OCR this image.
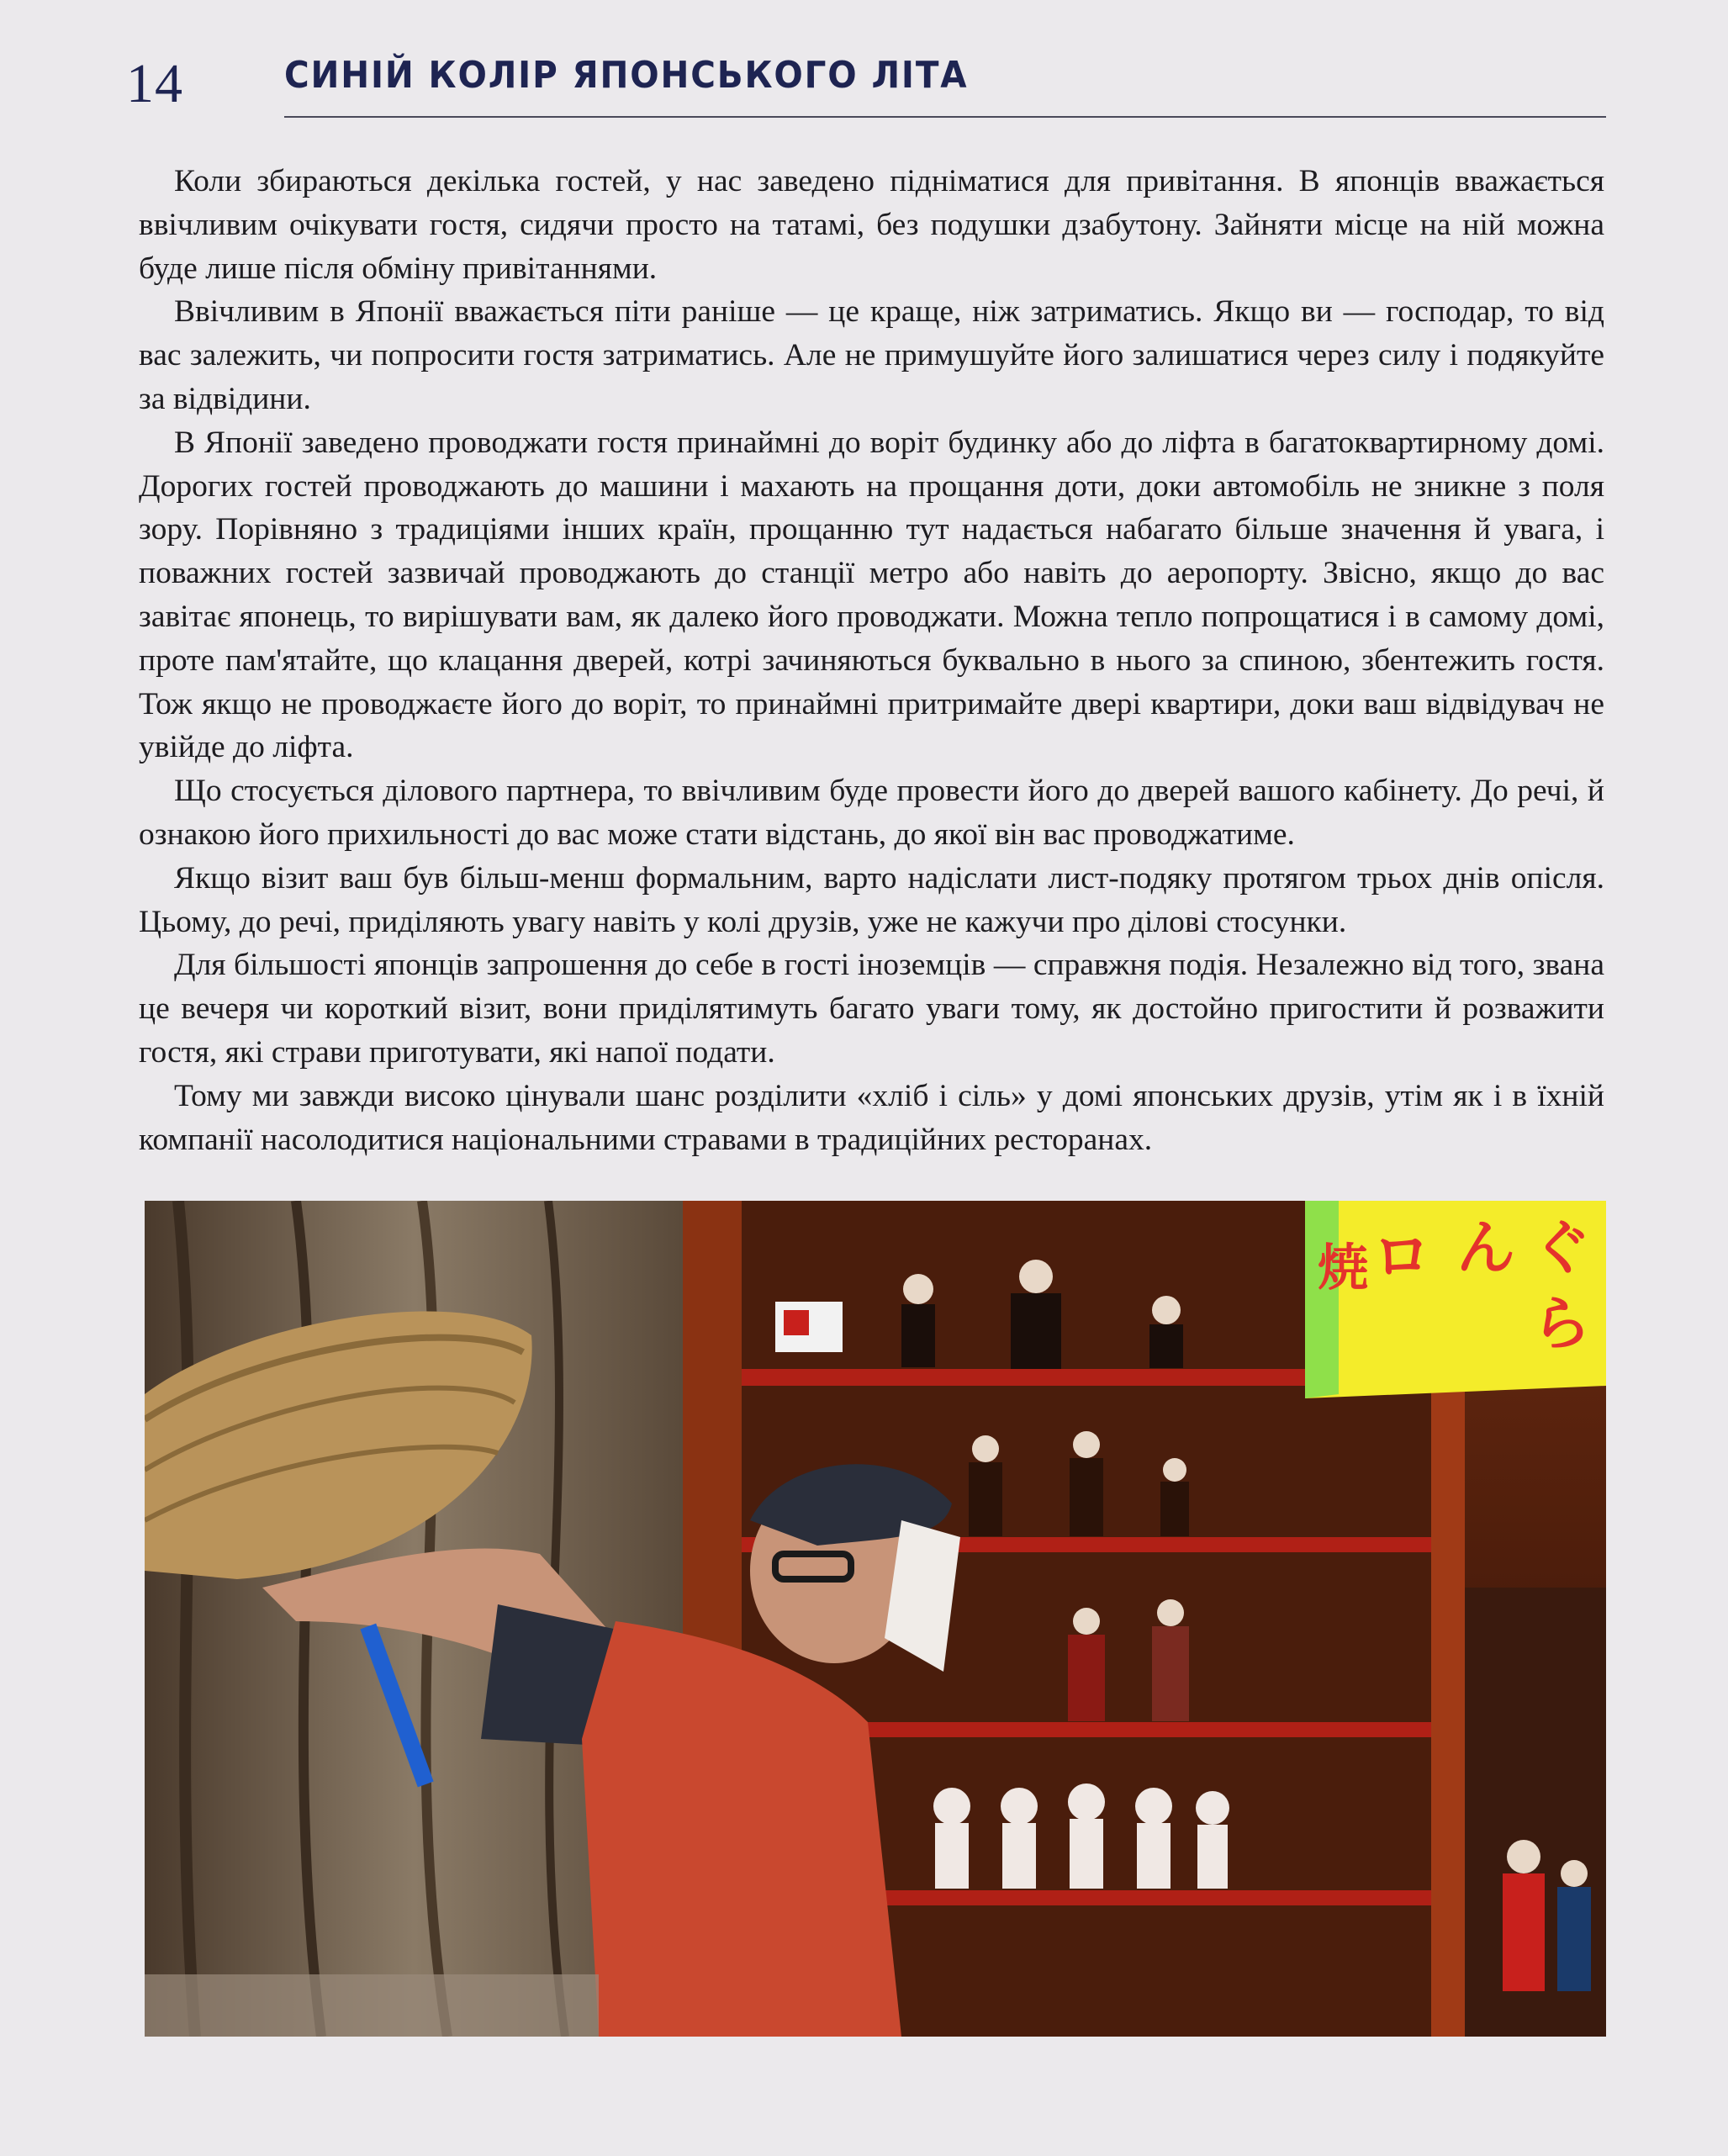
14	СИНІЙ КОЛІР ЯПОНСЬКОГО ЛІТА

Коли збираються декілька гостей, у нас заведено підніматися для привітання. В японців вважається ввічливим очікувати гостя, сидячи просто на татамі, без подушки дзабутону. Зайняти місце на ній можна буде лише після обміну привітаннями.

Ввічливим в Японії вважається піти раніше — це краще, ніж затриматись. Якщо ви — господар, то від вас залежить, чи попросити гостя затриматись. Але не примушуйте його залишатися через силу і подякуйте за відвідини.

В Японії заведено проводжати гостя принаймні до воріт будинку або до ліфта в багатоквартирному домі. Дорогих гостей проводжають до машини і махають на прощання доти, доки автомобіль не зникне з поля зору. Порівняно з традиціями інших країн, прощанню тут надається набагато більше значення й увага, і поважних гостей зазвичай проводжають до станції метро або навіть до аеропорту. Звісно, якщо до вас завітає японець, то вирішувати вам, як далеко його проводжати. Можна тепло попрощатися і в самому домі, проте пам'ятайте, що клацання дверей, котрі зачиняються буквально в нього за спиною, збентежить гостя. Тож якщо не проводжаєте його до воріт, то принаймні притримайте двері квартири, доки ваш відвідувач не увійде до ліфта.

Що стосується ділового партнера, то ввічливим буде провести його до дверей вашого кабінету. До речі, й ознакою його прихильності до вас може стати відстань, до якої він вас проводжатиме.

Якщо візит ваш був більш-менш формальним, варто надіслати лист-подяку протягом трьох днів опісля. Цьому, до речі, приділяють увагу навіть у колі друзів, уже не кажучи про ділові стосунки.

Для більшості японців запрошення до себе в гості іноземців — справжня подія. Незалежно від того, звана це вечеря чи короткий візит, вони приділятимуть багато уваги тому, як достойно пригостити й розважити гостя, які страви приготувати, які напої подати.

Тому ми завжди високо цінували шанс розділити «хліб і сіль» у домі японських друзів, утім як і в їхній компанії насолодитися національними стравами в традиційних ресторанах.

焼 ロ ん ぐ
ら
